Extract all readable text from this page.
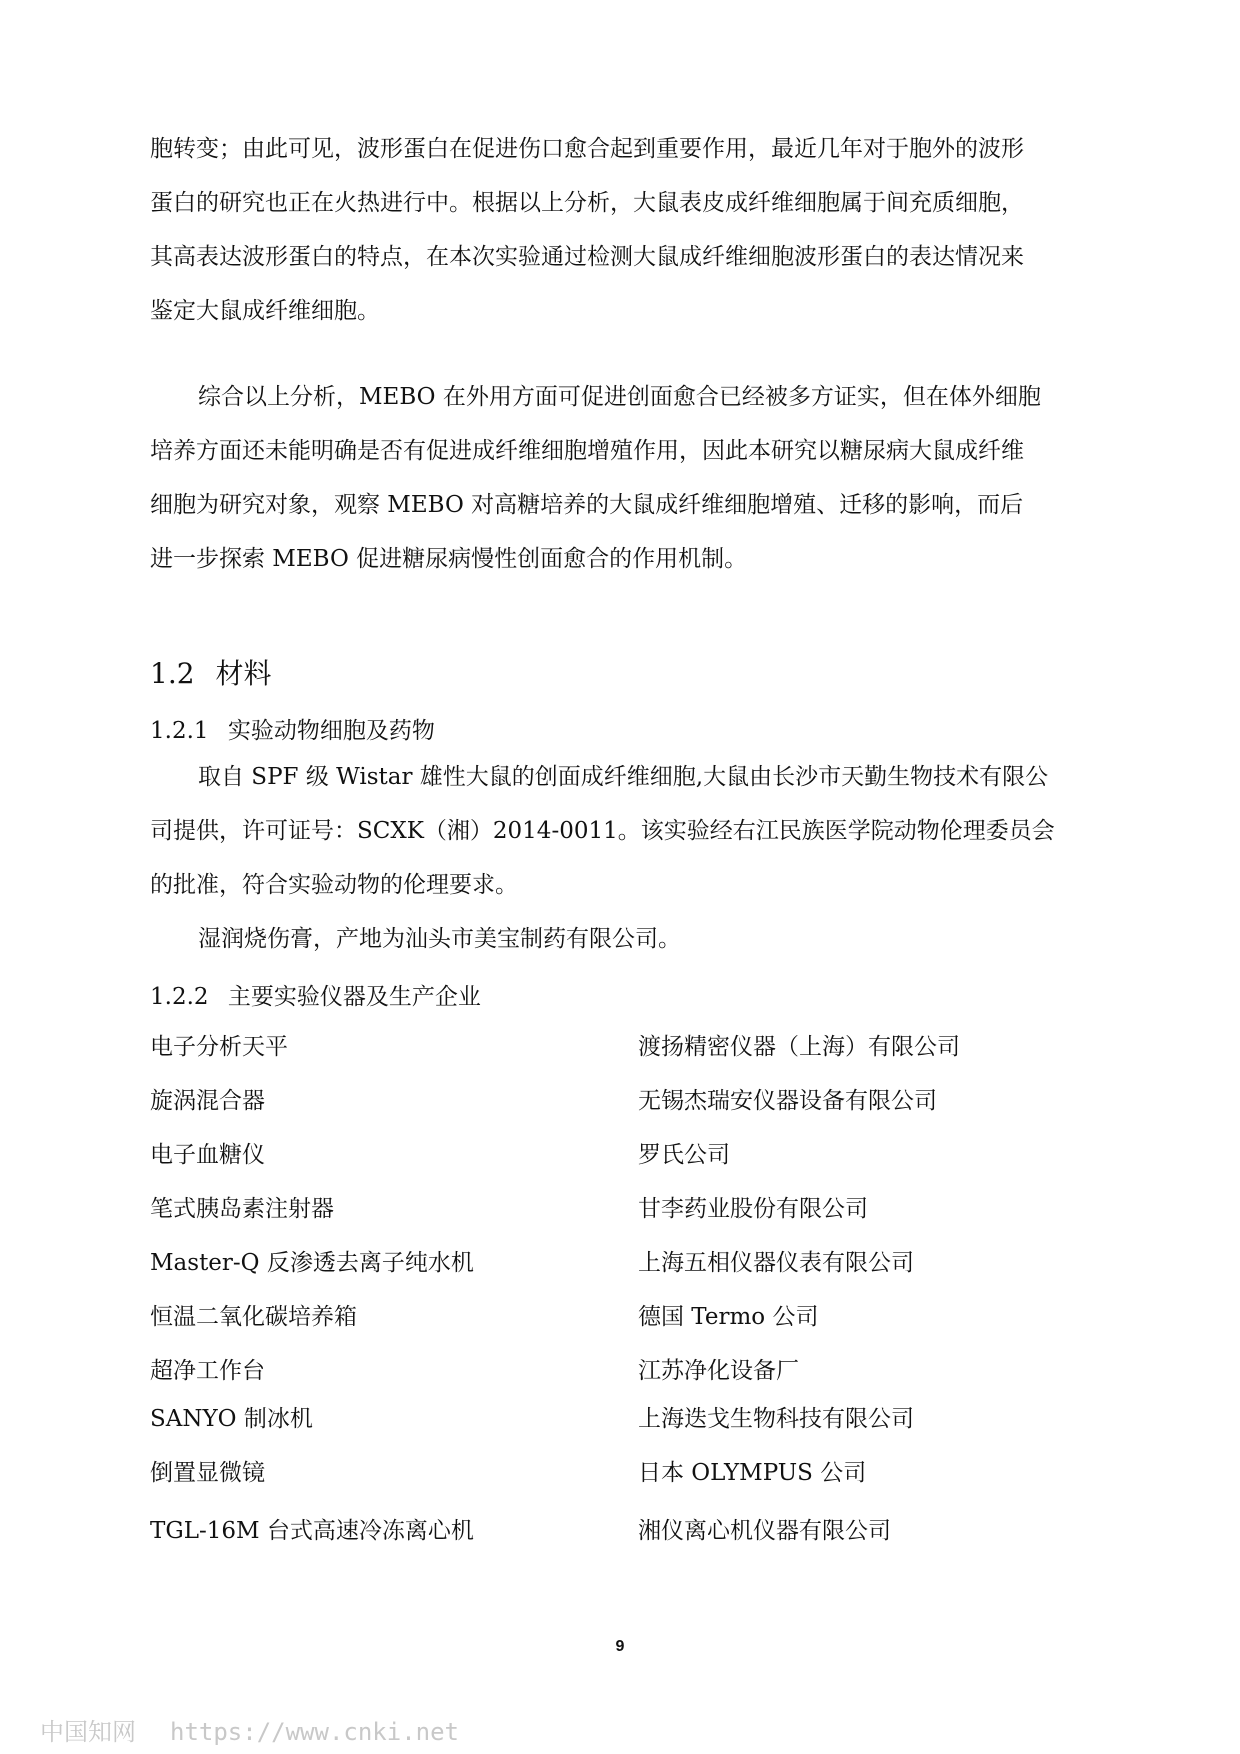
胞转变；由此可见，波形蛋白在促进伤口愈合起到重要作用，最近几年对于胞外的波形
蛋白的研究也正在火热进行中。根据以上分析，大鼠表皮成纤维细胞属于间充质细胞，
其高表达波形蛋白的特点，在本次实验通过检测大鼠成纤维细胞波形蛋白的表达情况来
鉴定大鼠成纤维细胞。
综合以上分析，MEBO 在外用方面可促进创面愈合已经被多方证实，但在体外细胞
培养方面还未能明确是否有促进成纤维细胞增殖作用，因此本研究以糖尿病大鼠成纤维
细胞为研究对象，观察 MEBO 对高糖培养的大鼠成纤维细胞增殖、迁移的影响，而后
进一步探索 MEBO 促进糖尿病慢性创面愈合的作用机制。
1.2 材料
1.2.1 实验动物细胞及药物
取自 SPF 级 Wistar 雄性大鼠的创面成纤维细胞,大鼠由长沙市天勤生物技术有限公
司提供，许可证号：SCXK（湘）2014-0011。该实验经右江民族医学院动物伦理委员会
的批准，符合实验动物的伦理要求。
湿润烧伤膏，产地为汕头市美宝制药有限公司。
1.2.2 主要实验仪器及生产企业
电子分析天平	渡扬精密仪器（上海）有限公司
旋涡混合器	无锡杰瑞安仪器设备有限公司
电子血糖仪	罗氏公司
笔式胰岛素注射器	甘李药业股份有限公司
Master-Q 反渗透去离子纯水机	上海五相仪器仪表有限公司
恒温二氧化碳培养箱	德国 Termo 公司
超净工作台	江苏净化设备厂
SANYO 制冰机	上海迭戈生物科技有限公司
倒置显微镜	日本 OLYMPUS 公司
TGL-16M 台式高速冷冻离心机	湘仪离心机仪器有限公司
9
中国知网 https://www.cnki.net
